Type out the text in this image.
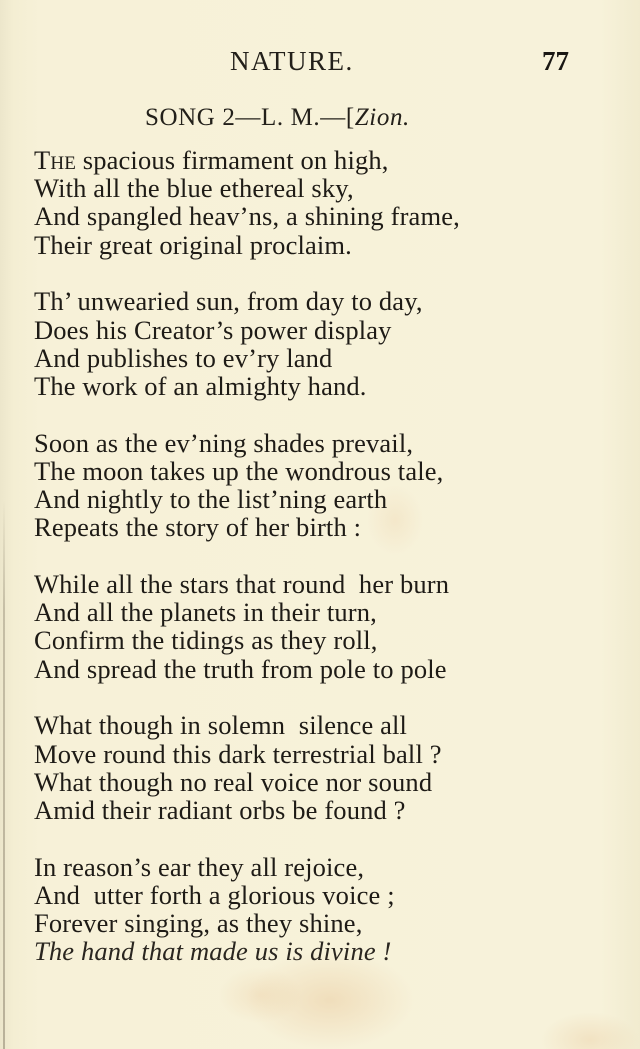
NATURE.	77
SONG 2—L. M.—[Zion.
The spacious firmament on high,
With all the blue ethereal sky,
And spangled heav’ns, a shining frame,
Their great original proclaim.
Th’ unwearied sun, from day to day,
Does his Creator’s power display
And publishes to ev’ry land
The work of an almighty hand.
Soon as the ev’ning shades prevail,
The moon takes up the wondrous tale,
And nightly to the list’ning earth
Repeats the story of her birth :
While all the stars that round  her burn
And all the planets in their turn,
Confirm the tidings as they roll,
And spread the truth from pole to pole
What though in solemn  silence all
Move round this dark terrestrial ball ?
What though no real voice nor sound
Amid their radiant orbs be found ?
In reason’s ear they all rejoice,
And  utter forth a glorious voice ;
Forever singing, as they shine,
The hand that made us is divine !
